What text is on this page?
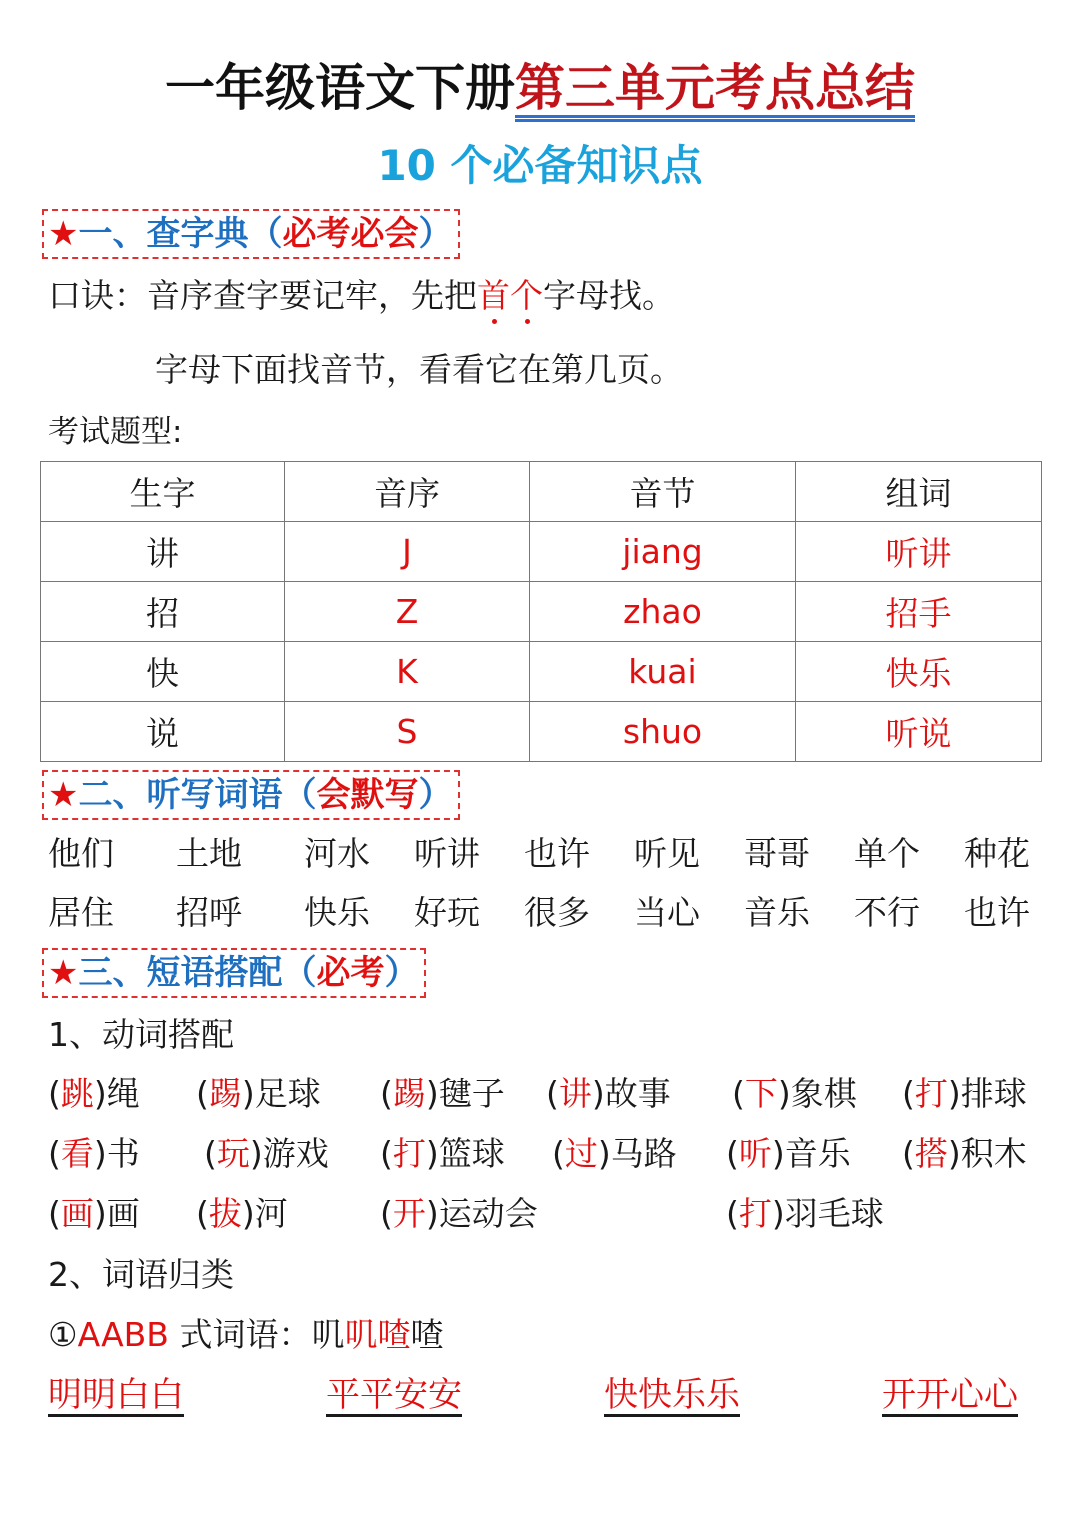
一年级语文下册第三单元考点总结
10 个必备知识点
★一、查字典（必考必会）
口诀：音序查字要记牢，先把首个字母找。
字母下面找音节，看看它在第几页。
考试题型:
生字	音序	音节	组词
讲	J	jiang	听讲
招	Z	zhao	招手
快	K	kuai	快乐
说	S	shuo	听说
★二、听写词语（会默写）
他们 土地 河水 听讲 也许 听见 哥哥 单个 种花
居住 招呼 快乐 好玩 很多 当心 音乐 不行 也许
★三、短语搭配（必考）
1、动词搭配
(跳)绳 (踢)足球 (踢)毽子 (讲)故事 (下)象棋 (打)排球
(看)书 (玩)游戏 (打)篮球 (过)马路 (听)音乐 (搭)积木
(画)画 (拔)河	(开)运动会	(打)羽毛球
2、词语归类
①AABB 式词语：叽叽喳喳
明明白白	平平安安	快快乐乐	开开心心
